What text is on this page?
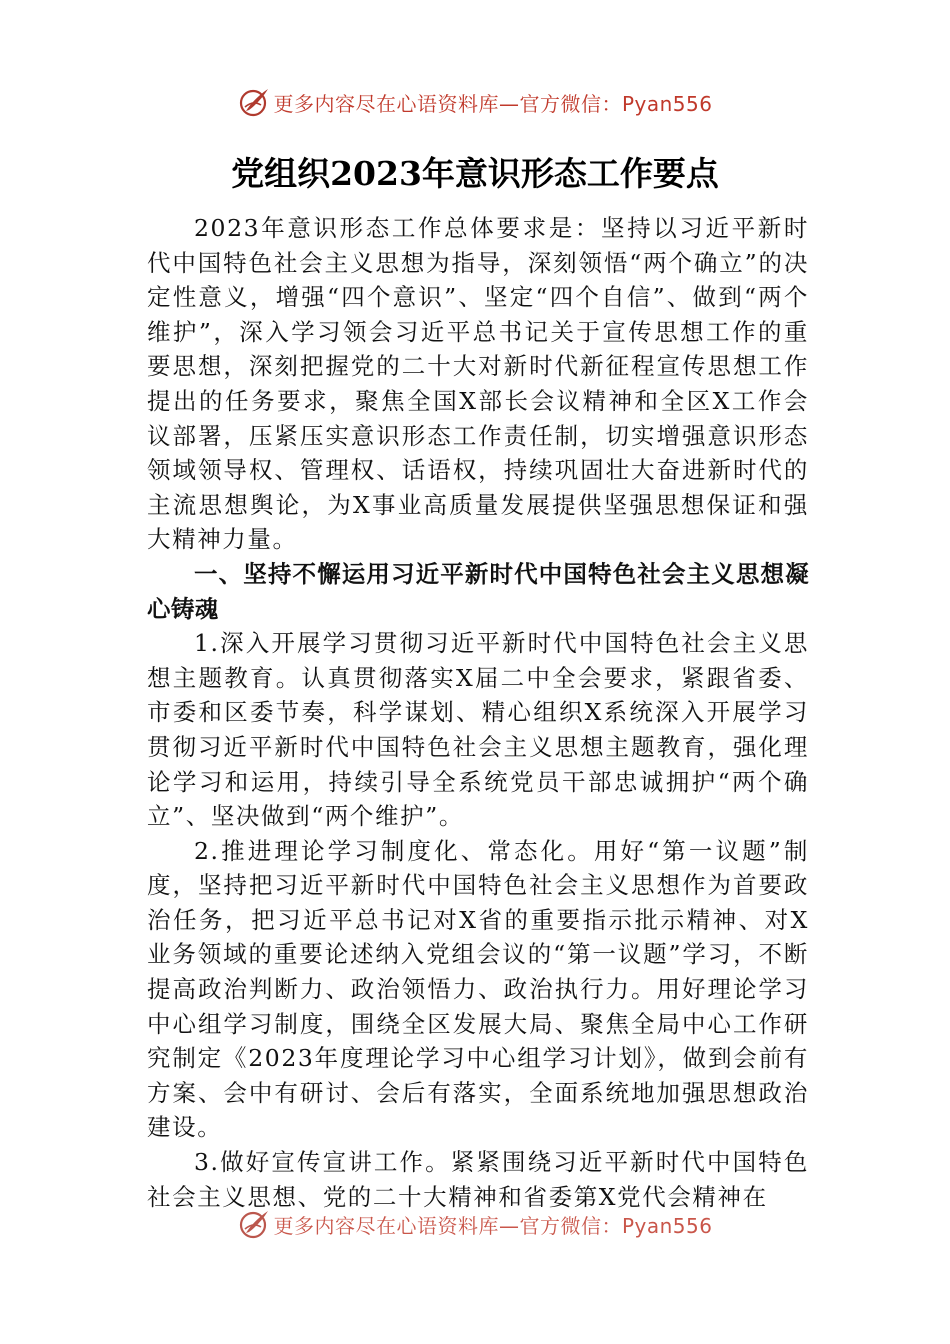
更多内容尽在心语资料库—官方微信：Pyan556
党组织2023年意识形态工作要点

2023年意识形态工作总体要求是：坚持以习近平新时代中国特色社会主义思想为指导，深刻领悟“两个确立”的决定性意义，增强“四个意识”、坚定“四个自信”、做到“两个维护”，深入学习领会习近平总书记关于宣传思想工作的重要思想，深刻把握党的二十大对新时代新征程宣传思想工作提出的任务要求，聚焦全国X部长会议精神和全区X工作会议部署，压紧压实意识形态工作责任制，切实增强意识形态领域领导权、管理权、话语权，持续巩固壮大奋进新时代的主流思想舆论，为X事业高质量发展提供坚强思想保证和强大精神力量。

一、坚持不懈运用习近平新时代中国特色社会主义思想凝心铸魂

1.深入开展学习贯彻习近平新时代中国特色社会主义思想主题教育。认真贯彻落实X届二中全会要求，紧跟省委、市委和区委节奏，科学谋划、精心组织X系统深入开展学习贯彻习近平新时代中国特色社会主义思想主题教育，强化理论学习和运用，持续引导全系统党员干部忠诚拥护“两个确立”、坚决做到“两个维护”。

2.推进理论学习制度化、常态化。用好“第一议题”制度，坚持把习近平新时代中国特色社会主义思想作为首要政治任务，把习近平总书记对X省的重要指示批示精神、对X业务领域的重要论述纳入党组会议的“第一议题”学习，不断提高政治判断力、政治领悟力、政治执行力。用好理论学习中心组学习制度，围绕全区发展大局、聚焦全局中心工作研究制定《2023年度理论学习中心组学习计划》，做到会前有方案、会中有研讨、会后有落实，全面系统地加强思想政治建设。

3.做好宣传宣讲工作。紧紧围绕习近平新时代中国特色社会主义思想、党的二十大精神和省委第X党代会精神在

更多内容尽在心语资料库—官方微信：Pyan556
